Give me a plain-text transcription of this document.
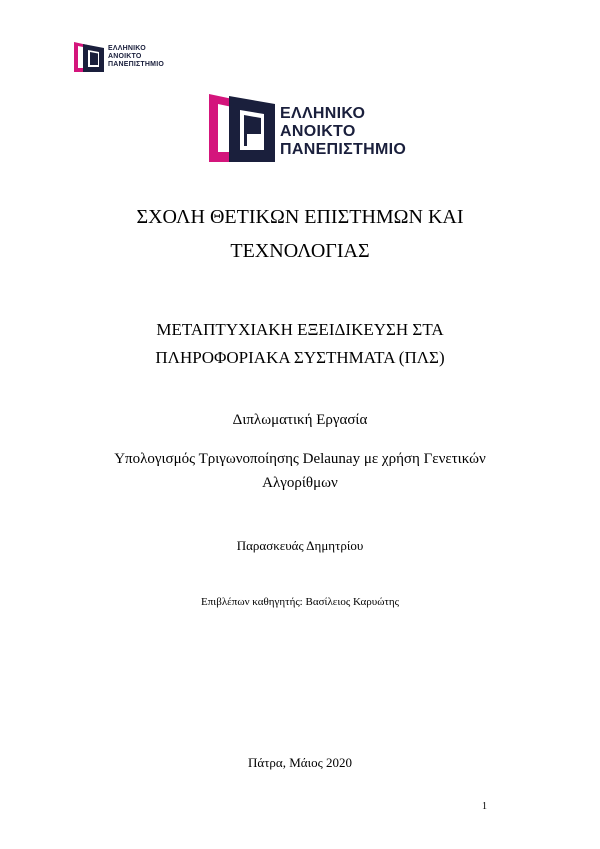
ΕΛΛΗΝΙΚΟ
ΑΝΟΙΚΤΟ
ΠΑΝΕΠΙΣΤΗΜΙΟ
ΕΛΛΗΝΙΚΟ
ΑΝΟΙΚΤΟ
ΠΑΝΕΠΙΣΤΗΜΙΟ
ΣΧΟΛΗ ΘΕΤΙΚΩΝ ΕΠΙΣΤΗΜΩΝ ΚΑΙ
ΤΕΧΝΟΛΟΓΙΑΣ
ΜΕΤΑΠΤΥΧΙΑΚΗ ΕΞΕΙΔΙΚΕΥΣΗ ΣΤΑ
ΠΛΗΡΟΦΟΡΙΑΚΑ ΣΥΣΤΗΜΑΤΑ (ΠΛΣ)
Διπλωματική Εργασία
Υπολογισμός Τριγωνοποίησης Delaunay με χρήση Γενετικών
Αλγορίθμων
Παρασκευάς Δημητρίου
Επιβλέπων καθηγητής: Βασίλειος Καρυώτης
Πάτρα, Μάιος 2020
1
